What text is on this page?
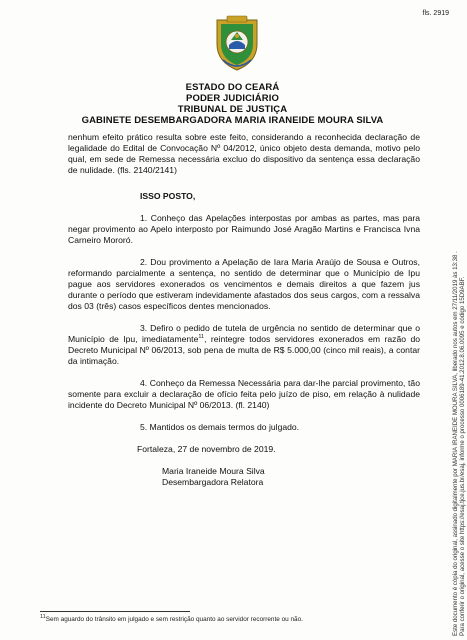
fls. 2919
ESTADO DO CEARÁ
PODER JUDICIÁRIO
TRIBUNAL DE JUSTIÇA
GABINETE DESEMBARGADORA MARIA IRANEIDE MOURA SILVA

nenhum efeito prático resulta sobre este feito, considerando a reconhecida declaração de legalidade do Edital de Convocação Nº 04/2012, único objeto desta demanda, motivo pelo qual, em sede de Remessa necessária excluo do dispositivo da sentença essa declaração de nulidade. (fls. 2140/2141)

ISSO POSTO,

1. Conheço das Apelações interpostas por ambas as partes, mas para negar provimento ao Apelo interposto por Raimundo José Aragão Martins e Francisca Ivna Carneiro Mororó.

2. Dou provimento a Apelação de Iara Maria Araújo de Sousa e Outros, reformando parcialmente a sentença, no sentido de determinar que o Município de Ipu pague aos servidores exonerados os vencimentos e demais direitos a que fazem jus durante o período que estiveram indevidamente afastados dos seus cargos, com a ressalva dos 03 (três) casos específicos dentes mencionados.

3. Defiro o pedido de tutela de urgência no sentido de determinar que o Município de Ipu, imediatamente$^{11}$, reintegre todos servidores exonerados em razão do Decreto Municipal Nº 06/2013, sob pena de multa de R$ 5.000,00 (cinco mil reais), a contar da intimação.

4. Conheço da Remessa Necessária para dar-lhe parcial provimento, tão somente para excluir a declaração de ofício feita pelo juízo de piso, em relação à nulidade incidente do Decreto Municipal Nº 06/2013. (fl. 2140)

5. Mantidos os demais termos do julgado.

Fortaleza, 27 de novembro de 2019.

Maria Iraneide Moura Silva

Desembargadora Relatora

$^{11}$Sem aguardo do trânsito em julgado e sem restrição quanto ao servidor recorrente ou não.	Este documento é cópia do original, assinado digitalmente por MARIA IRANEIDE MOURA SILVA, liberado nos autos em 27/11/2019 às 13:38 . Para conferir o original, acesse o site https://esaj.tjce.jus.br/esaj, informe o processo 0006189-41.2012.8.06.0095 e código 15D9ABF.
